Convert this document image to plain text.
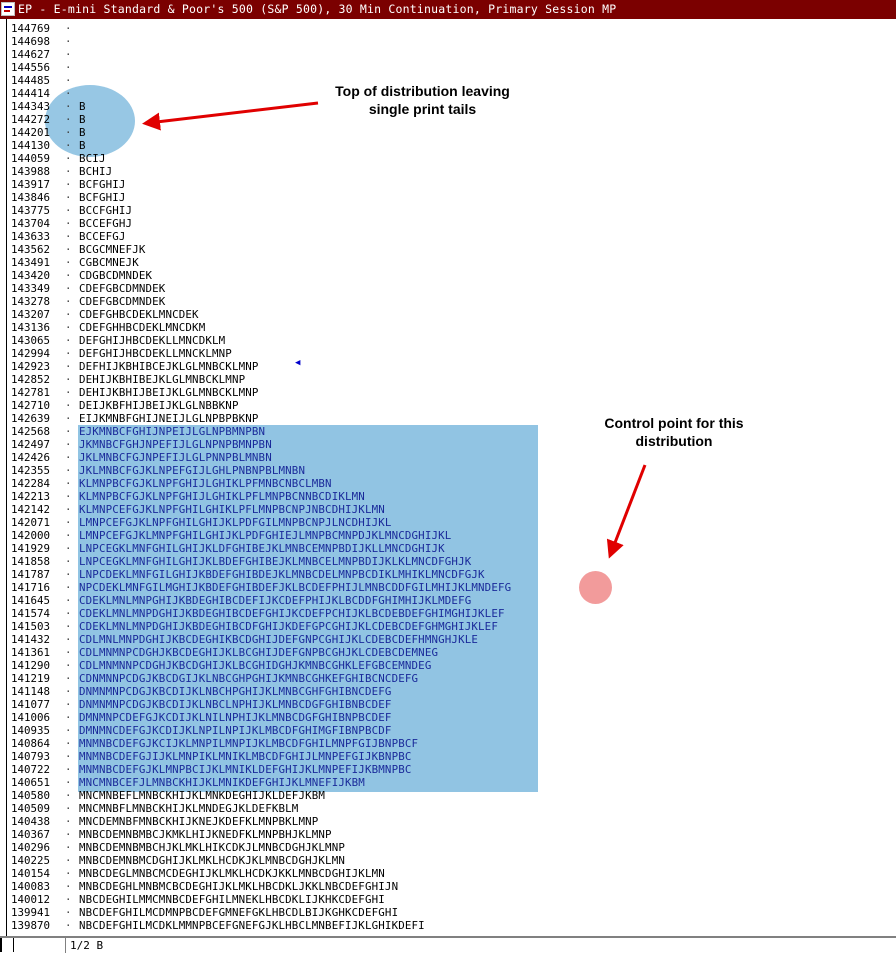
EP - E-mini Standard & Poor's 500 (S&P 500), 30 Min Continuation, Primary Session MP
144769	·
144698	·
144627	·
144556	·
144485	·
144414	·
144343	· B
144272	· B
144201	· B
144130	· B
144059	· BCIJ
143988	· BCHIJ
143917	· BCFGHIJ
143846	· BCFGHIJ
143775	· BCCFGHIJ
143704	· BCCEFGHJ
143633	· BCCEFGJ
143562	· BCGCMNEFJK
143491	· CGBCMNEJK
143420	· CDGBCDMNDEK
143349	· CDEFGBCDMNDEK
143278	· CDEFGBCDMNDEK
143207	· CDEFGHBCDEKLMNCDEK
143136	· CDEFGHHBCDEKLMNCDKM
143065	· DEFGHIJHBCDEKLLMNCDKLM
142994	· DEFGHIJHBCDEKLLMNCKLMNP
142923	· DEFHIJKBHIBCEJKLGLMNBCKLMNP
142852	· DEHIJKBHIBEJKLGLMNBCKLMNP
142781	· DEHIJKBHIJBEIJKLGLMNBCKLMNP
142710	· DEIJKBFHIJBEIJKLGLNBBKNP
142639	· EIJKMNBFGHIJNEIJLGLNPBPBKNP
142568	· EJKMNBCFGHIJNPEIJLGLNPBMNPBN
142497	· JKMNBCFGHJNPEFIJLGLNPNPBMNPBN
142426	· JKLMNBCFGJNPEFIJLGLPNNPBLMNBN
142355	· JKLMNBCFGJKLNPEFGIJLGHLPNBNPBLMNBN
142284	· KLMNPBCFGJKLNPFGHIJLGHIKLPFMNBCNBCLMBN
142213	· KLMNPBCFGJKLNPFGHIJLGHIKLPFLMNPBCNNBCDIKLMN
142142	· KLMNPCEFGJKLNPFGHILGHIKLPFLMNPBCNPJNBCDHIJKLMN
142071	· LMNPCEFGJKLNPFGHILGHIJKLPDFGILMNPBCNPJLNCDHIJKL
142000	· LMNPCEFGJKLMNPFGHILGHIJKLPDFGHIEJLMNPBCMNPDJKLMNCDGHIJKL
141929	· LNPCEGKLMNFGHILGHIJKLDFGHIBEJKLMNBCEMNPBDIJKLLMNCDGHIJK
141858	· LNPCEGKLMNFGHILGHIJKLBDEFGHIBEJKLMNBCELMNPBDIJKLKLMNCDFGHJK
141787	· LNPCDEKLMNFGILGHIJKBDEFGHIBDEJKLMNBCDELMNPBCDIKLMHIKLMNCDFGJK
141716	· NPCDEKLMNFGILMGHIJKBDEFGHIBDEFJKLBCDEFPHIJLMNBCDDFGILMHIJKLMNDEFG
141645	· CDEKLMNLMNPGHIJKBDEGHIBCDEFIJKCDEFPHIJKLBCDDFGHIMHIJKLMDEFG
141574	· CDEKLMNLMNPDGHIJKBDEGHIBCDEFGHIJKCDEFPCHIJKLBCDEBDEFGHIMGHIJKLEF
141503	· CDEKLMNLMNPDGHIJKBDEGHIBCDFGHIJKDEFGPCGHIJKLCDEBCDEFGHMGHIJKLEF
141432	· CDLMNLMNPDGHIJKBCDEGHIKBCDGHIJDEFGNPCGHIJKLCDEBCDEFHMNGHJKLE
141361	· CDLMNMNPCDGHJKBCDEGHIJKLBCGHIJDEFGNPBCGHJKLCDEBCDEMNEG
141290	· CDLMNMNNPCDGHJKBCDGHIJKLBCGHIDGHJKMNBCGHKLEFGBCEMNDEG
141219	· CDNMNNPCDGJKBCDGIJKLNBCGHPGHIJKMNBCGHKEFGHIBCNCDEFG
141148	· DNMNMNPCDGJKBCDIJKLNBCHPGHIJKLMNBCGHFGHIBNCDEFG
141077	· DNMNMNPCDGJKBCDIJKLNBCLNPHIJKLMNBCDGFGHIBNBCDEF
141006	· DMNMNPCDEFGJKCDIJKLNILNPHIJKLMNBCDGFGHIBNPBCDEF
140935	· DMNMNCDEFGJKCDIJKLNPILNPIJKLMBCDFGHIMGFIBNPBCDF
140864	· MNMNBCDEFGJKCIJKLMNPILMNPIJKLMBCDFGHILMNPFGIJBNPBCF
140793	· MNMNBCDEFGJIJKLMNPIKLMNIKLMBCDFGHIJLMNPEFGIJKBNPBC
140722	· MNMNBCDEFGJKLMNPBCIJKLMNIKLDEFGHIJKLMNPEFIJKBMNPBC
140651	· MNCMNBCEFJLMNBCKHIJKLMNIKDEFGHIJKLMNEFIJKBM
140580	· MNCMNBEFLMNBCKHIJKLMNKDEGHIJKLDEFJKBM
140509	· MNCMNBFLMNBCKHIJKLMNDEGJKLDEFKBLM
140438	· MNCDEMNBFMNBCKHIJKNEJKDEFKLMNPBKLMNP
140367	· MNBCDEMNBMBCJKMKLHIJKNEDFKLMNPBHJKLMNP
140296	· MNBCDEMNBMBCHJKLMKLHIKCDKJLMNBCDGHJKLMNP
140225	· MNBCDEMNBMCDGHIJKLMKLHCDKJKLMNBCDGHJKLMN
140154	· MNBCDEGLMNBCMCDEGHIJKLMKLHCDKJKKLMNBCDGHIJKLMN
140083	· MNBCDEGHLMNBMCBCDEGHIJKLMKLHBCDKLJKKLNBCDEFGHIJN
140012	· NBCDEGHILMMCMNBCDEFGHILMNEKLHBCDKLIJKHKCDEFGHI
139941	· NBCDEFGHILMCDMNPBCDEFGMNEFGKLHBCDLBIJKGHKCDEFGHI
139870	· NBCDEFGHILMCDKLMMNPBCEFGNEFGJKLHBCLMNBEFIJKLGHIKDEFI
◀
Top of distribution leaving
single print tails
Control point for this
distribution
1/2 B
